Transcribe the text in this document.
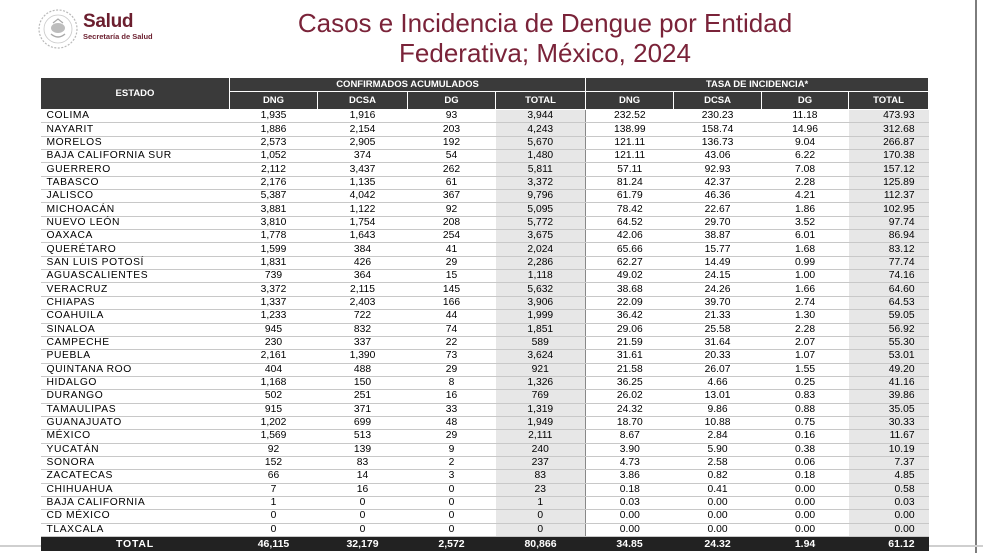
Salud
Secretaría de Salud	Casos e Incidencia de Dengue por Entidad
Federativa; México, 2024
ESTADO	CONFIRMADOS ACUMULADOS				TASA DE INCIDENCIA*			
	DNG	DCSA	DG	TOTAL	DNG	DCSA	DG	TOTAL
COLIMA	1,935	1,916	93	3,944	232.52	230.23	11.18	473.93
NAYARIT	1,886	2,154	203	4,243	138.99	158.74	14.96	312.68
MORELOS	2,573	2,905	192	5,670	121.11	136.73	9.04	266.87
BAJA CALIFORNIA SUR	1,052	374	54	1,480	121.11	43.06	6.22	170.38
GUERRERO	2,112	3,437	262	5,811	57.11	92.93	7.08	157.12
TABASCO	2,176	1,135	61	3,372	81.24	42.37	2.28	125.89
JALISCO	5,387	4,042	367	9,796	61.79	46.36	4.21	112.37
MICHOACÁN	3,881	1,122	92	5,095	78.42	22.67	1.86	102.95
NUEVO LEÓN	3,810	1,754	208	5,772	64.52	29.70	3.52	97.74
OAXACA	1,778	1,643	254	3,675	42.06	38.87	6.01	86.94
QUERÉTARO	1,599	384	41	2,024	65.66	15.77	1.68	83.12
SAN LUIS POTOSÍ	1,831	426	29	2,286	62.27	14.49	0.99	77.74
AGUASCALIENTES	739	364	15	1,118	49.02	24.15	1.00	74.16
VERACRUZ	3,372	2,115	145	5,632	38.68	24.26	1.66	64.60
CHIAPAS	1,337	2,403	166	3,906	22.09	39.70	2.74	64.53
COAHUILA	1,233	722	44	1,999	36.42	21.33	1.30	59.05
SINALOA	945	832	74	1,851	29.06	25.58	2.28	56.92
CAMPECHE	230	337	22	589	21.59	31.64	2.07	55.30
PUEBLA	2,161	1,390	73	3,624	31.61	20.33	1.07	53.01
QUINTANA ROO	404	488	29	921	21.58	26.07	1.55	49.20
HIDALGO	1,168	150	8	1,326	36.25	4.66	0.25	41.16
DURANGO	502	251	16	769	26.02	13.01	0.83	39.86
TAMAULIPAS	915	371	33	1,319	24.32	9.86	0.88	35.05
GUANAJUATO	1,202	699	48	1,949	18.70	10.88	0.75	30.33
MÉXICO	1,569	513	29	2,111	8.67	2.84	0.16	11.67
YUCATÁN	92	139	9	240	3.90	5.90	0.38	10.19
SONORA	152	83	2	237	4.73	2.58	0.06	7.37
ZACATECAS	66	14	3	83	3.86	0.82	0.18	4.85
CHIHUAHUA	7	16	0	23	0.18	0.41	0.00	0.58
BAJA CALIFORNIA	1	0	0	1	0.03	0.00	0.00	0.03
CD MÉXICO	0	0	0	0	0.00	0.00	0.00	0.00
TLAXCALA	0	0	0	0	0.00	0.00	0.00	0.00
TOTAL	46,115	32,179	2,572	80,866	34.85	24.32	1.94	61.12
